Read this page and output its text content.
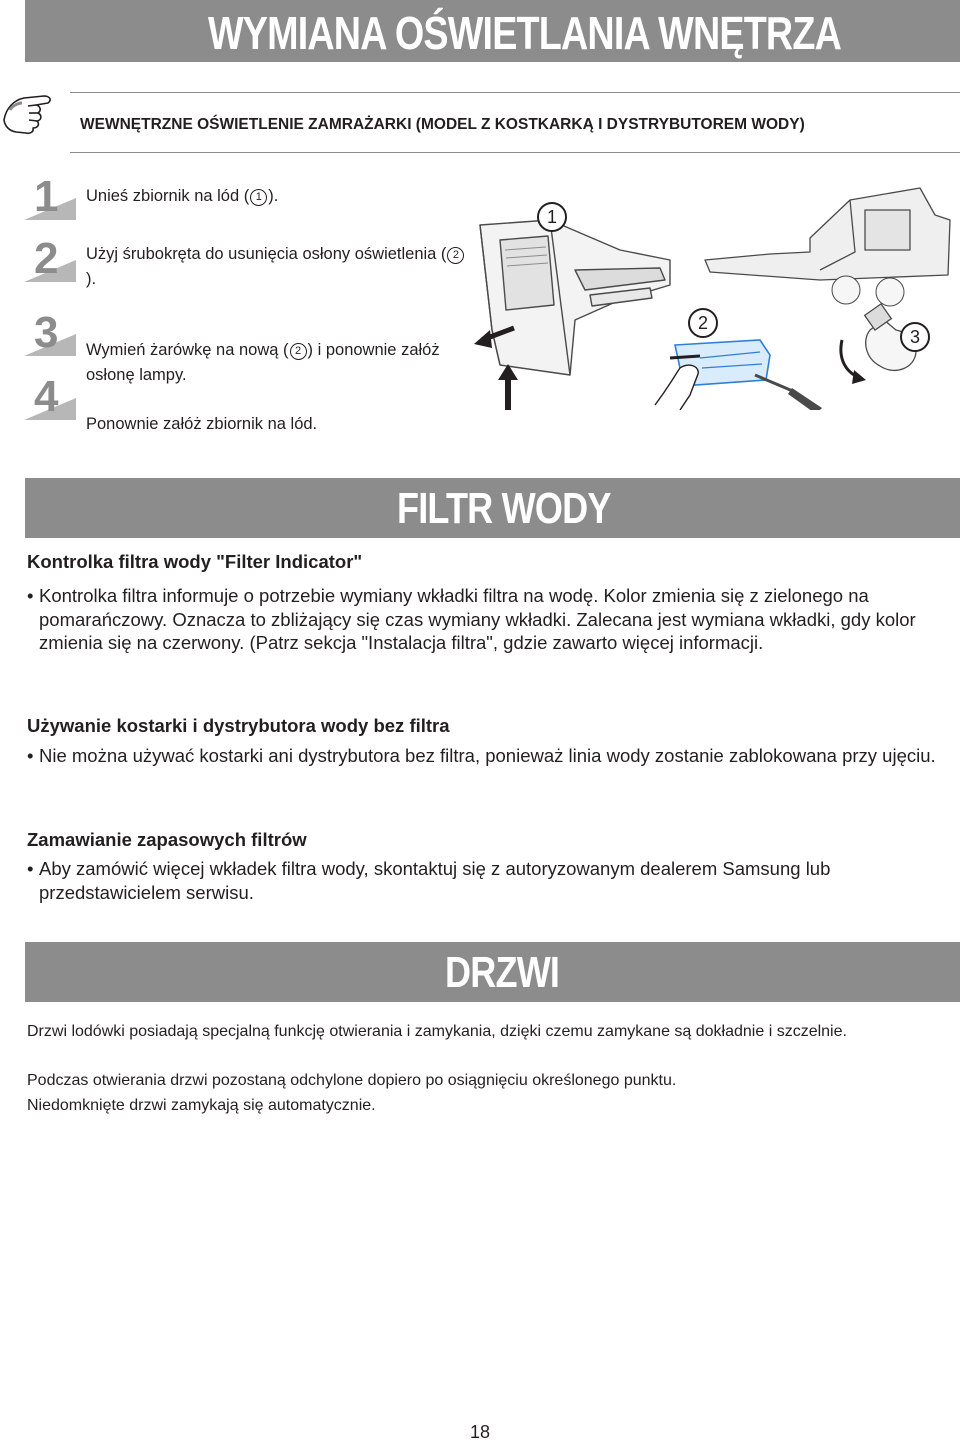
WYMIANA OŚWIETLANIA WNĘTRZA
WEWNĘTRZNE OŚWIETLENIE ZAMRAŻARKI (MODEL Z KOSTKARKĄ I DYSTRYBUTOREM WODY)
1
2
3
4
Unieś zbiornik na lód ( 1 ).
Użyj śrubokręta do usunięcia osłony oświetlenia ( 2).
Wymień żarówkę na nową ( 2 ) i ponownie załóż osłonę lampy.
Ponownie załóż zbiornik na lód.
1
2
3
FILTR WODY
Kontrolka filtra wody "Filter Indicator"
• Kontrolka filtra informuje o potrzebie wymiany wkładki filtra na wodę. Kolor zmienia się z zielonego na pomarańczowy. Oznacza to zbliżający się czas wymiany wkładki. Zalecana jest wymiana wkładki, gdy kolor zmienia się na czerwony. (Patrz sekcja "Instalacja filtra", gdzie zawarto więcej informacji.
Używanie kostarki i dystrybutora wody bez filtra
• Nie można używać kostarki ani dystrybutora bez filtra, ponieważ linia wody zostanie zablokowana przy ujęciu.
Zamawianie zapasowych filtrów
• Aby zamówić więcej wkładek filtra wody, skontaktuj się z autoryzowanym dealerem Samsung lub przedstawicielem serwisu.
DRZWI
Drzwi lodówki posiadają specjalną funkcję otwierania i zamykania, dzięki czemu zamykane są dokładnie i szczelnie.
Podczas otwierania drzwi pozostaną odchylone dopiero po osiągnięciu określonego punktu.
Niedomknięte drzwi zamykają się automatycznie.
18
